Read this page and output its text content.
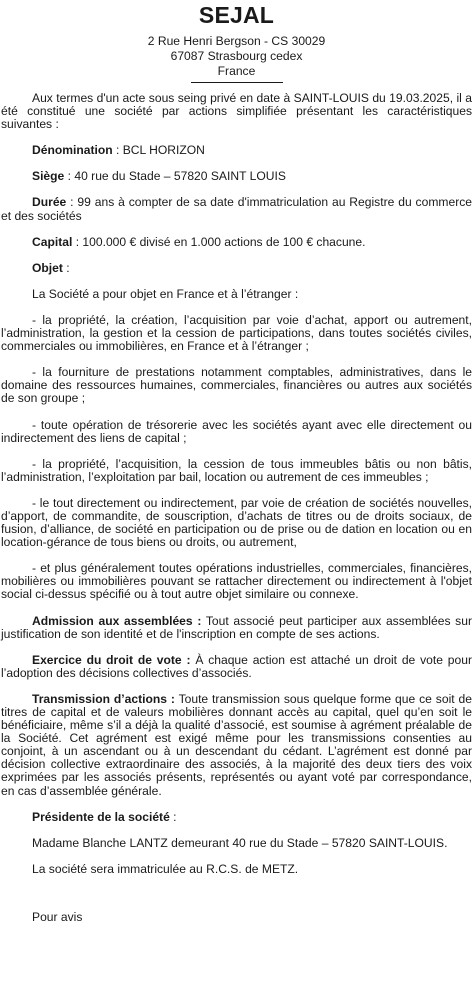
SEJAL
2 Rue Henri Bergson - CS 30029
67087 Strasbourg cedex
France

Aux termes d'un acte sous seing privé en date à SAINT-LOUIS du 19.03.2025, il a été constitué une société par actions simplifiée présentant les caractéristiques suivantes :

Dénomination : BCL HORIZON

Siège : 40 rue du Stade – 57820 SAINT LOUIS

Durée : 99 ans à compter de sa date d'immatriculation au Registre du commerce et des sociétés

Capital : 100.000 € divisé en 1.000 actions de 100 € chacune.

Objet :

La Société a pour objet en France et à l’étranger :

- la propriété, la création, l’acquisition par voie d’achat, apport ou autrement, l’administration, la gestion et la cession de participations, dans toutes sociétés civiles, commerciales ou immobilières, en France et à l’étranger ;

- la fourniture de prestations notamment comptables, administratives, dans le domaine des ressources humaines, commerciales, financières ou autres aux sociétés de son groupe ;

- toute opération de trésorerie avec les sociétés ayant avec elle directement ou indirectement des liens de capital ;

- la propriété, l’acquisition, la cession de tous immeubles bâtis ou non bâtis, l’administration, l’exploitation par bail, location ou autrement de ces immeubles ;

- le tout directement ou indirectement, par voie de création de sociétés nouvelles, d’apport, de commandite, de souscription, d’achats de titres ou de droits sociaux, de fusion, d’alliance, de société en participation ou de prise ou de dation en location ou en location-gérance de tous biens ou droits, ou autrement,

- et plus généralement toutes opérations industrielles, commerciales, financières, mobilières ou immobilières pouvant se rattacher directement ou indirectement à l'objet social ci-dessus spécifié ou à tout autre objet similaire ou connexe.

Admission aux assemblées : Tout associé peut participer aux assemblées sur justification de son identité et de l'inscription en compte de ses actions.

Exercice du droit de vote : À chaque action est attaché un droit de vote pour l’adoption des décisions collectives d’associés.

Transmission d’actions : Toute transmission sous quelque forme que ce soit de titres de capital et de valeurs mobilières donnant accès au capital, quel qu’en soit le bénéficiaire, même s’il a déjà la qualité d’associé, est soumise à agrément préalable de la Société. Cet agrément est exigé même pour les transmissions consenties au conjoint, à un ascendant ou à un descendant du cédant. L’agrément est donné par décision collective extraordinaire des associés, à la majorité des deux tiers des voix exprimées par les associés présents, représentés ou ayant voté par correspondance, en cas d’assemblée générale.

Présidente de la société :

Madame Blanche LANTZ demeurant 40 rue du Stade – 57820 SAINT-LOUIS.

La société sera immatriculée au R.C.S. de METZ.

Pour avis
